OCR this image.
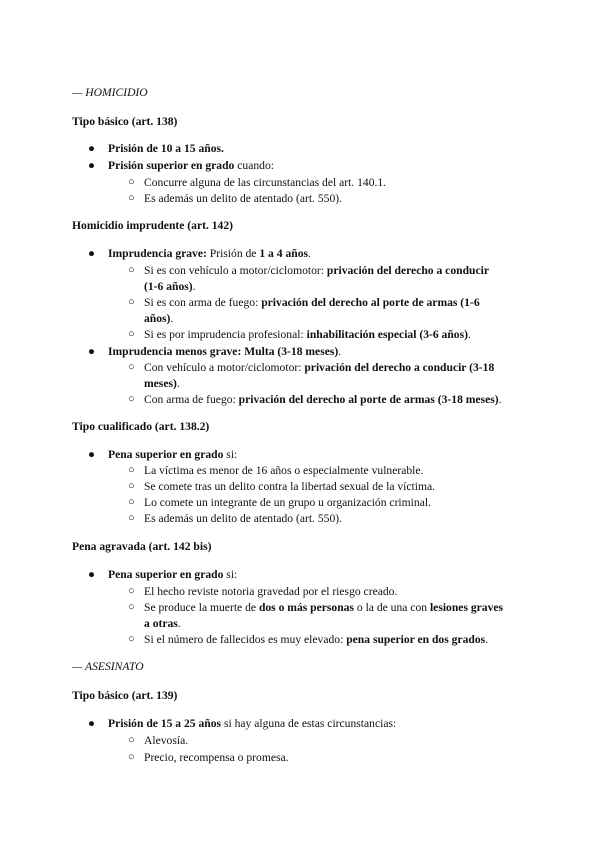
— HOMICIDIO
Tipo básico (art. 138)
● Prisión de 10 a 15 años.
● Prisión superior en grado cuando:
○ Concurre alguna de las circunstancias del art. 140.1.
○ Es además un delito de atentado (art. 550).
Homicidio imprudente (art. 142)
● Imprudencia grave: Prisión de 1 a 4 años.
○ Si es con vehículo a motor/ciclomotor: privación del derecho a conducir
(1-6 años).
○ Si es con arma de fuego: privación del derecho al porte de armas (1-6
años).
○ Si es por imprudencia profesional: inhabilitación especial (3-6 años).
● Imprudencia menos grave: Multa (3-18 meses).
○ Con vehículo a motor/ciclomotor: privación del derecho a conducir (3-18
meses).
○ Con arma de fuego: privación del derecho al porte de armas (3-18 meses).
Tipo cualificado (art. 138.2)
● Pena superior en grado si:
○ La víctima es menor de 16 años o especialmente vulnerable.
○ Se comete tras un delito contra la libertad sexual de la víctima.
○ Lo comete un integrante de un grupo u organización criminal.
○ Es además un delito de atentado (art. 550).
Pena agravada (art. 142 bis)
● Pena superior en grado si:
○ El hecho reviste notoria gravedad por el riesgo creado.
○ Se produce la muerte de dos o más personas o la de una con lesiones graves
a otras.
○ Si el número de fallecidos es muy elevado: pena superior en dos grados.
— ASESINATO
Tipo básico (art. 139)
● Prisión de 15 a 25 años si hay alguna de estas circunstancias:
○ Alevosía.
○ Precio, recompensa o promesa.
